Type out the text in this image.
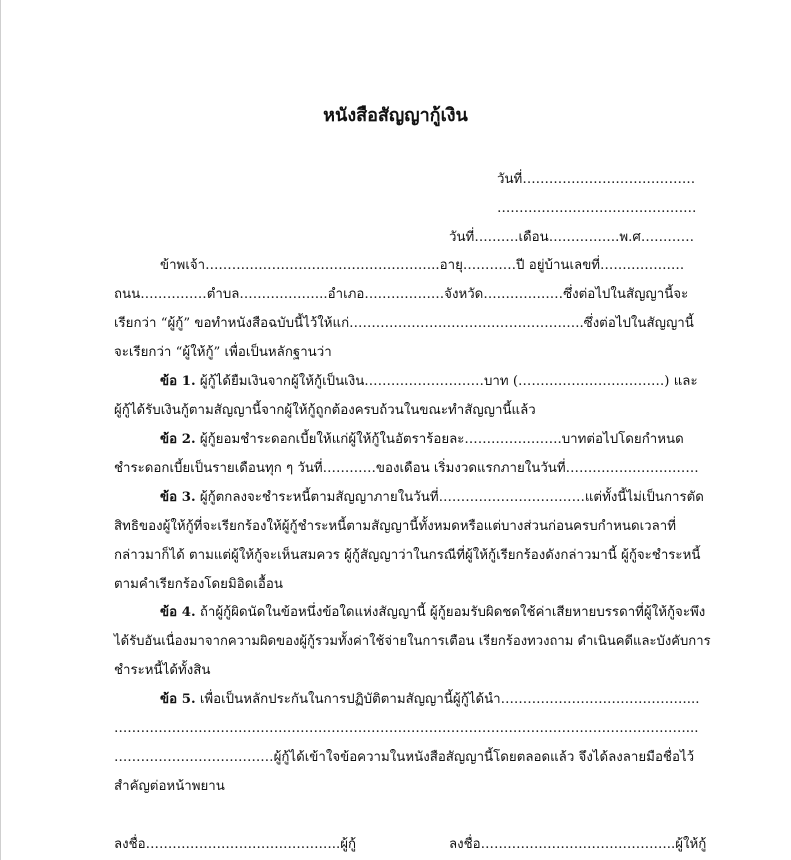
หนังสือสัญญากู้เงิน

วันที่…………………………………

………………………………………

วันที่……….เดือน…………….พ.ศ…………

ข้าพเจ้า……………………………………………..อายุ…………ปี อยู่บ้านเลขที่……………….

ถนน……………ตำบล………………..อำเภอ………………จังหวัด………………ซึ่งต่อไปในสัญญานี้จะ

เรียกว่า “ผู้กู้” ขอทำหนังสือฉบับนี้ไว้ให้แก่……………………………………………..ซึ่งต่อไปในสัญญานี้

จะเรียกว่า “ผู้ให้กู้” เพื่อเป็นหลักฐานว่า

ข้อ 1. ผู้กู้ได้ยืมเงินจากผู้ให้กู้เป็นเงิน………………………บาท (……………………………) และ

ผู้กู้ได้รับเงินกู้ตามสัญญานี้จากผู้ให้กู้ถูกต้องครบถ้วนในขณะทำสัญญานี้แล้ว

ข้อ 2. ผู้กู้ยอมชำระดอกเบี้ยให้แก่ผู้ให้กู้ในอัตราร้อยละ………………….บาทต่อไปโดยกำหนด

ชำระดอกเบี้ยเป็นรายเดือนทุก ๆ วันที่…………ของเดือน เริ่มงวดแรกภายในวันที่…………………………

ข้อ 3. ผู้กู้ตกลงจะชำระหนี้ตามสัญญาภายในวันที่……………………………แต่ทั้งนี้ไม่เป็นการตัด

สิทธิของผู้ให้กู้ที่จะเรียกร้องให้ผู้กู้ชำระหนี้ตามสัญญานี้ทั้งหมดหรือแต่บางส่วนก่อนครบกำหนดเวลาที่

กล่าวมาก็ได้ ตามแต่ผู้ให้กู้จะเห็นสมควร ผู้กู้สัญญาว่าในกรณีที่ผู้ให้กู้เรียกร้องดังกล่าวมานี้ ผู้กู้จะชำระหนี้

ตามคำเรียกร้องโดยมิอิดเอื้อน

ข้อ 4. ถ้าผู้กู้ผิดนัดในข้อหนึ่งข้อใดแห่งสัญญานี้ ผู้กู้ยอมรับผิดชดใช้ค่าเสียหายบรรดาที่ผู้ให้กู้จะพึง

ได้รับอันเนื่องมาจากความผิดของผู้กู้รวมทั้งค่าใช้จ่ายในการเตือน เรียกร้องทวงถาม ดำเนินคดีและบังคับการ

ชำระหนี้ได้ทั้งสิน

ข้อ 5. เพื่อเป็นหลักประกันในการปฏิบัติตามสัญญานี้ผู้กู้ได้นำ……………………………………...

…………………………………………………………………………………………………………………...

………………………………ผู้กู้ได้เข้าใจข้อความในหนังสือสัญญานี้โดยตลอดแล้ว จึงได้ลงลายมือชื่อไว้

สำคัญต่อหน้าพยาน

ลงชื่อ……………………………………..ผู้กู้	ลงชื่อ……………………………………..ผู้ให้กู้
